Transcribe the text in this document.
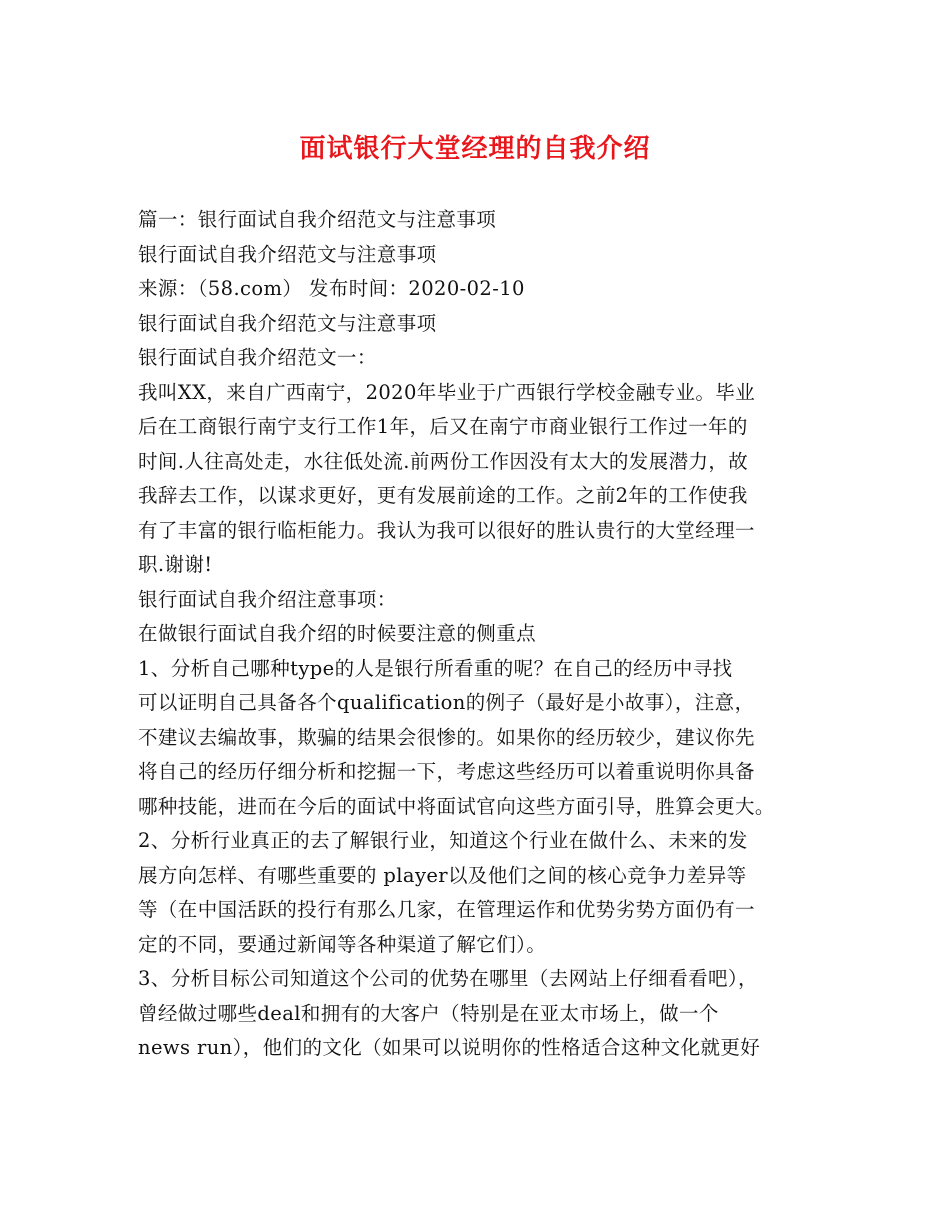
面试银行大堂经理的自我介绍

篇一：银行面试自我介绍范文与注意事项

银行面试自我介绍范文与注意事项

来源：（58.com） 发布时间：2020-02-10

银行面试自我介绍范文与注意事项

银行面试自我介绍范文一：

我叫XX，来自广西南宁，2020年毕业于广西银行学校金融专业。毕业

后在工商银行南宁支行工作1年，后又在南宁市商业银行工作过一年的

时间.人往高处走，水往低处流.前两份工作因没有太大的发展潜力，故

我辞去工作，以谋求更好，更有发展前途的工作。之前2年的工作使我

有了丰富的银行临柜能力。我认为我可以很好的胜认贵行的大堂经理一

职.谢谢!

银行面试自我介绍注意事项：

在做银行面试自我介绍的时候要注意的侧重点

1、分析自己哪种type的人是银行所看重的呢？在自己的经历中寻找

可以证明自己具备各个qualification的例子（最好是小故事），注意，

不建议去编故事，欺骗的结果会很惨的。如果你的经历较少，建议你先

将自己的经历仔细分析和挖掘一下，考虑这些经历可以着重说明你具备

哪种技能，进而在今后的面试中将面试官向这些方面引导，胜算会更大。

2、分析行业真正的去了解银行业，知道这个行业在做什么、未来的发

展方向怎样、有哪些重要的 player以及他们之间的核心竞争力差异等

等（在中国活跃的投行有那么几家，在管理运作和优势劣势方面仍有一

定的不同，要通过新闻等各种渠道了解它们）。

3、分析目标公司知道这个公司的优势在哪里（去网站上仔细看看吧），

曾经做过哪些deal和拥有的大客户（特别是在亚太市场上，做一个

news run），他们的文化（如果可以说明你的性格适合这种文化就更好
